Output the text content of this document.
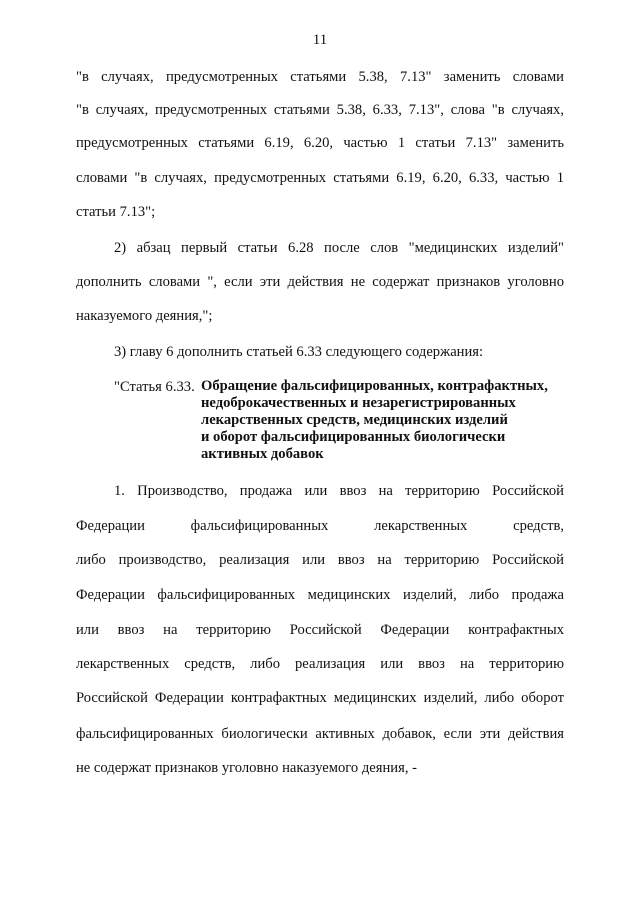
11
"в случаях, предусмотренных статьями 5.38, 7.13" заменить словами
"в случаях, предусмотренных статьями 5.38, 6.33, 7.13", слова "в случаях,
предусмотренных статьями 6.19, 6.20, частью 1 статьи 7.13" заменить
словами "в случаях, предусмотренных статьями 6.19, 6.20, 6.33, частью 1
статьи 7.13";
2) абзац первый статьи 6.28 после слов "медицинских изделий"
дополнить словами ", если эти действия не содержат признаков уголовно
наказуемого деяния,";
3) главу 6 дополнить статьей 6.33 следующего содержания:
"Статья 6.33. Обращение фальсифицированных, контрафактных,
недоброкачественных и незарегистрированных
лекарственных средств, медицинских изделий
и оборот фальсифицированных биологически
активных добавок
1. Производство, продажа или ввоз на территорию Российской
Федерации фальсифицированных лекарственных средств,
либо производство, реализация или ввоз на территорию Российской
Федерации фальсифицированных медицинских изделий, либо продажа
или ввоз на территорию Российской Федерации контрафактных
лекарственных средств, либо реализация или ввоз на территорию
Российской Федерации контрафактных медицинских изделий, либо оборот
фальсифицированных биологически активных добавок, если эти действия
не содержат признаков уголовно наказуемого деяния, -
